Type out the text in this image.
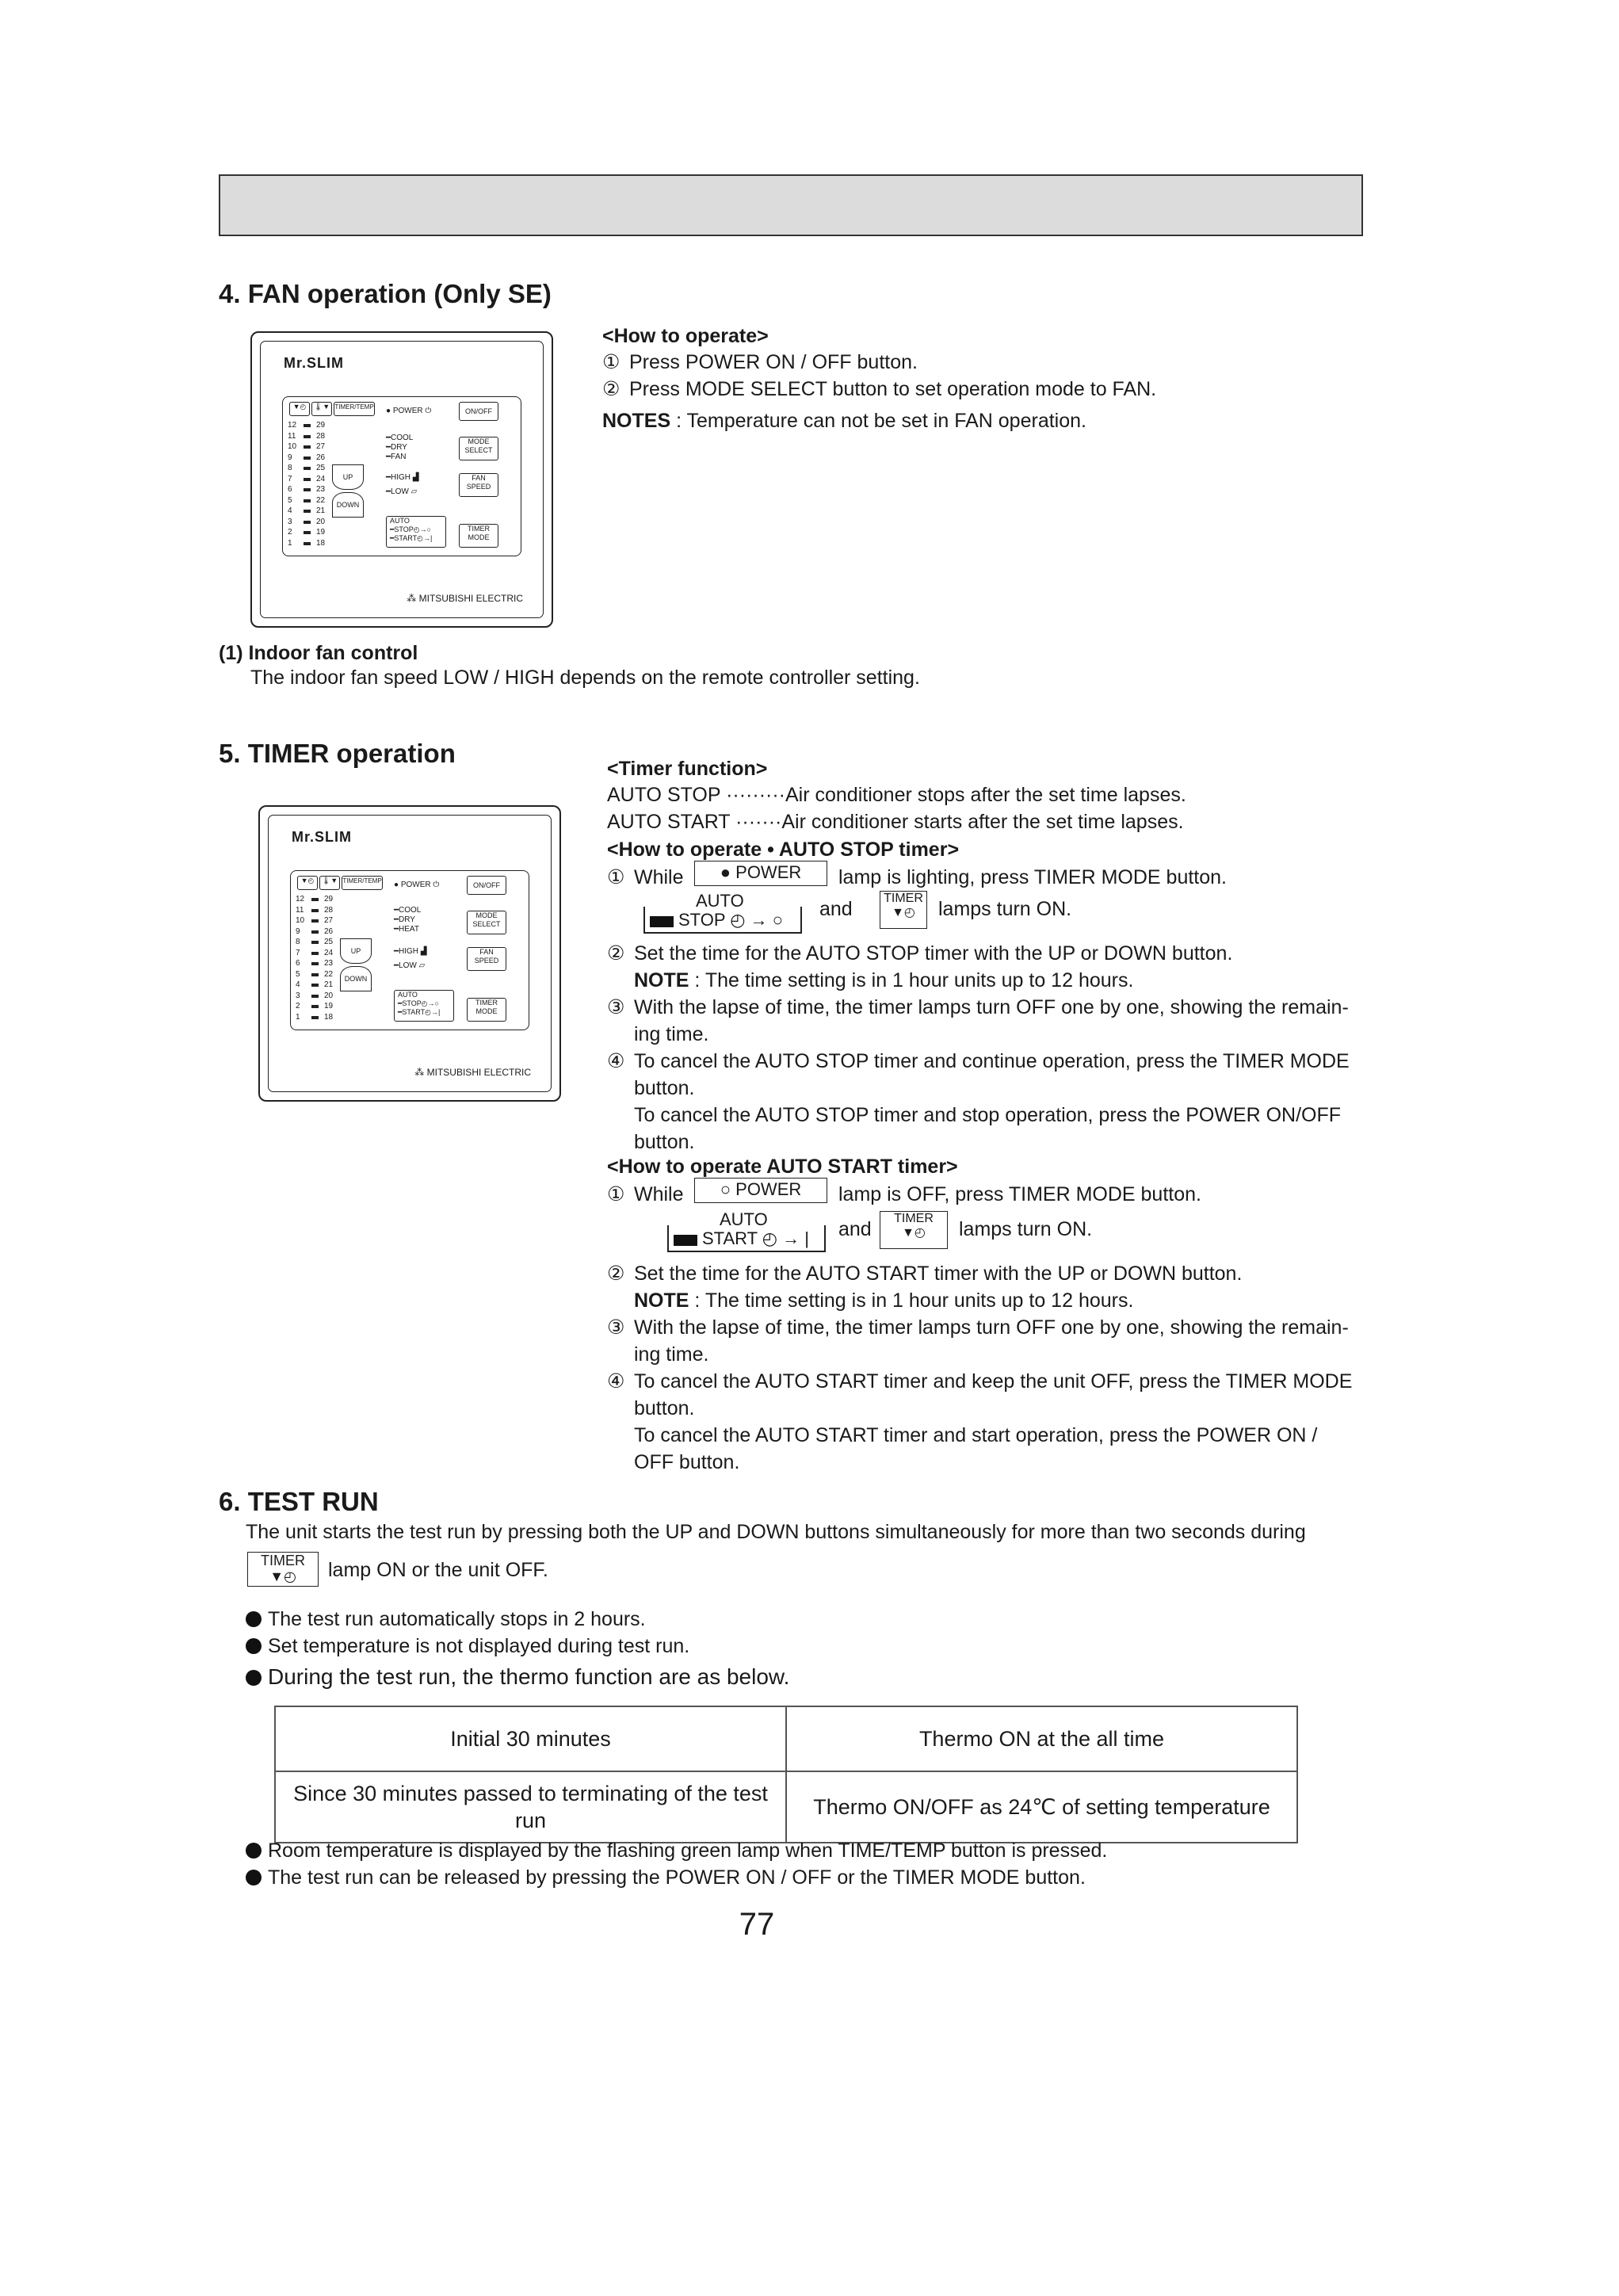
4. FAN operation (Only SE)
Mr.SLIM
▼◴	🌡▼ TIMER/TEMP
12 29
11	28
10 27
9	26
8	25
7	24
6	23
5	22
4	21
3	20
2	19
1	18
UP
DOWN
● POWER ⏻	ON/OFF
━COOL
━DRY
━FAN
MODE
SELECT
━HIGH ▟
━LOW ▱
FAN
SPEED
AUTO
━STOP◴→○
━START◴→|
TIMER
MODE
⁂ MITSUBISHI ELECTRIC
<How to operate>
① Press POWER ON / OFF button.
② Press MODE SELECT button to set operation mode to FAN.
NOTES : Temperature can not be set in FAN operation.
(1) Indoor fan control
The indoor fan speed LOW / HIGH depends on the remote controller setting.
5. TIMER operation
Mr.SLIM
▼◴	🌡▼ TIMER/TEMP
12 29
11	28
10 27
9	26
8	25
7	24
6	23
5	22
4	21
3	20
2	19
1	18
UP
DOWN
● POWER ⏻	ON/OFF
━COOL
━DRY
━HEAT
MODE
SELECT
━HIGH ▟
━LOW ▱
FAN
SPEED
AUTO
━STOP◴→○
━START◴→|
TIMER
MODE
⁂ MITSUBISHI ELECTRIC
<Timer function>
AUTO STOP ·········Air conditioner stops after the set time lapses.
AUTO START ·······Air conditioner starts after the set time lapses.
<How to operate • AUTO STOP timer>
① While	● POWER	lamp is lighting, press TIMER MODE button.
AUTO
STOP ◴ → ○ and	TIMER
▼◴	lamps turn ON.
② Set the time for the AUTO STOP timer with the UP or DOWN button.
NOTE : The time setting is in 1 hour units up to 12 hours.
③ With the lapse of time, the timer lamps turn OFF one by one, showing the remain-
ing time.
④ To cancel the AUTO STOP timer and continue operation, press the TIMER MODE
button.
To cancel the AUTO STOP timer and stop operation, press the POWER ON/OFF
button.
<How to operate AUTO START timer>
① While	○ POWER	lamp is OFF, press TIMER MODE button.
AUTO
START ◴ → | and	TIMER
▼◴	lamps turn ON.
② Set the time for the AUTO START timer with the UP or DOWN button.
NOTE : The time setting is in 1 hour units up to 12 hours.
③ With the lapse of time, the timer lamps turn OFF one by one, showing the remain-
ing time.
④ To cancel the AUTO START timer and keep the unit OFF, press the TIMER MODE
button.
To cancel the AUTO START timer and start operation, press the POWER ON /
OFF button.
6. TEST RUN
The unit starts the test run by pressing both the UP and DOWN buttons simultaneously for more than two seconds during
TIMER
▼◴	lamp ON or the unit OFF.
The test run automatically stops in 2 hours.
Set temperature is not displayed during test run.
During the test run, the thermo function are as below.
Initial 30 minutes	Thermo ON at the all time
Since 30 minutes passed to terminating of the test run	Thermo ON/OFF as 24℃ of setting temperature
Room temperature is displayed by the flashing green lamp when TIME/TEMP button is pressed.
The test run can be released by pressing the POWER ON / OFF or the TIMER MODE button.
77
